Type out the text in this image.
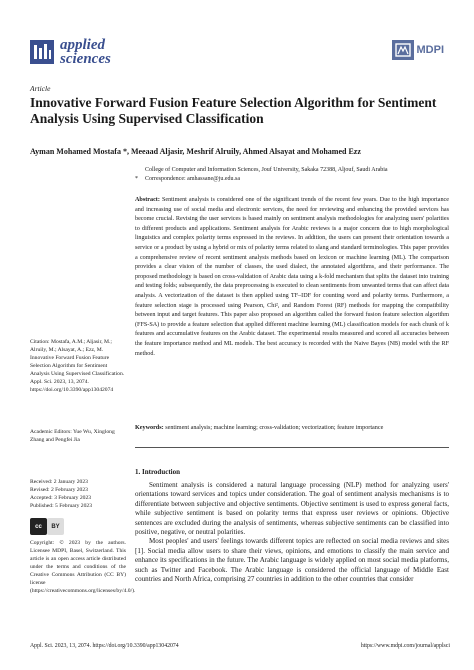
applied
sciences
MDPI
Article
Innovative Forward Fusion Feature Selection Algorithm for Sentiment Analysis Using Supervised Classification
Ayman Mohamed Mostafa *, Meeaad Aljasir, Meshrif Alruily, Ahmed Alsayat and Mohamed Ezz
College of Computer and Information Sciences, Jouf University, Sakaka 72388, Aljouf, Saudi Arabia
*	Correspondence: amhassane@ju.edu.sa
Abstract: Sentiment analysis is considered one of the significant trends of the recent few years. Due to the high importance and increasing use of social media and electronic services, the need for reviewing and enhancing the provided services has become crucial. Revising the user services is based mainly on sentiment analysis methodologies for analyzing users' polarities to different products and applications. Sentiment analysis for Arabic reviews is a major concern due to high morphological linguistics and complex polarity terms expressed in the reviews. In addition, the users can present their orientation towards a service or a product by using a hybrid or mix of polarity terms related to slang and standard terminologies. This paper provides a comprehensive review of recent sentiment analysis methods based on lexicon or machine learning (ML). The comparison provides a clear vision of the number of classes, the used dialect, the annotated algorithms, and their performance. The proposed methodology is based on cross-validation of Arabic data using a k-fold mechanism that splits the dataset into training and testing folds; subsequently, the data preprocessing is executed to clean sentiments from unwanted terms that can affect data analysis. A vectorization of the dataset is then applied using TF–IDF for counting word and polarity terms. Furthermore, a feature selection stage is processed using Pearson, Chi², and Random Forest (RF) methods for mapping the compatibility between input and target features. This paper also proposed an algorithm called the forward fusion feature selection algorithm (FFS-SA) to provide a feature selection that applied different machine learning (ML) classification models for each chunk of k features and accumulative features on the Arabic dataset. The experimental results measured and scored all accuracies between the feature importance method and ML models. The best accuracy is recorded with the Naive Bayes (NB) model with the RF method.
Keywords: sentiment analysis; machine learning; cross-validation; vectorization; feature importance
1. Introduction

Sentiment analysis is considered a natural language processing (NLP) method for analyzing users' orientations toward services and topics under consideration. The goal of sentiment analysis mechanisms is to differentiate between subjective and objective sentiments. Objective sentiment is used to express general facts, while subjective sentiment is based on polarity terms that express user reviews or opinions. Objective sentences are excluded during the analysis of sentiments, whereas subjective sentiments can be classified into positive, negative, or neutral polarities.

Most peoples' and users' feelings towards different topics are reflected on social media reviews and sites [1]. Social media allow users to share their views, opinions, and emotions to classify the main service and enhance its specifications in the future. The Arabic language is widely applied on most social media platforms, such as Twitter and Facebook. The Arabic language is considered the official language of Middle East countries and North Africa, comprising 27 countries in addition to the other countries that consider

Citation: Mostafa, A.M.; Aljasir, M.; Alruily, M.; Alsayat, A.; Ezz, M. Innovative Forward Fusion Feature Selection Algorithm for Sentiment Analysis Using Supervised Classification. Appl. Sci. 2023, 13, 2074. https://doi.org/10.3390/app13042074
Academic Editors: Yue Wu, Xinglong Zhang and Pengfei Jia
Received: 2 January 2023
Revised: 2 February 2023
Accepted: 3 February 2023
Published: 5 February 2023
cc	BY
Copyright: © 2023 by the authors. Licensee MDPI, Basel, Switzerland. This article is an open access article distributed under the terms and conditions of the Creative Commons Attribution (CC BY) license (https://creativecommons.org/licenses/by/4.0/).
Appl. Sci. 2023, 13, 2074. https://doi.org/10.3390/app13042074	https://www.mdpi.com/journal/applsci
